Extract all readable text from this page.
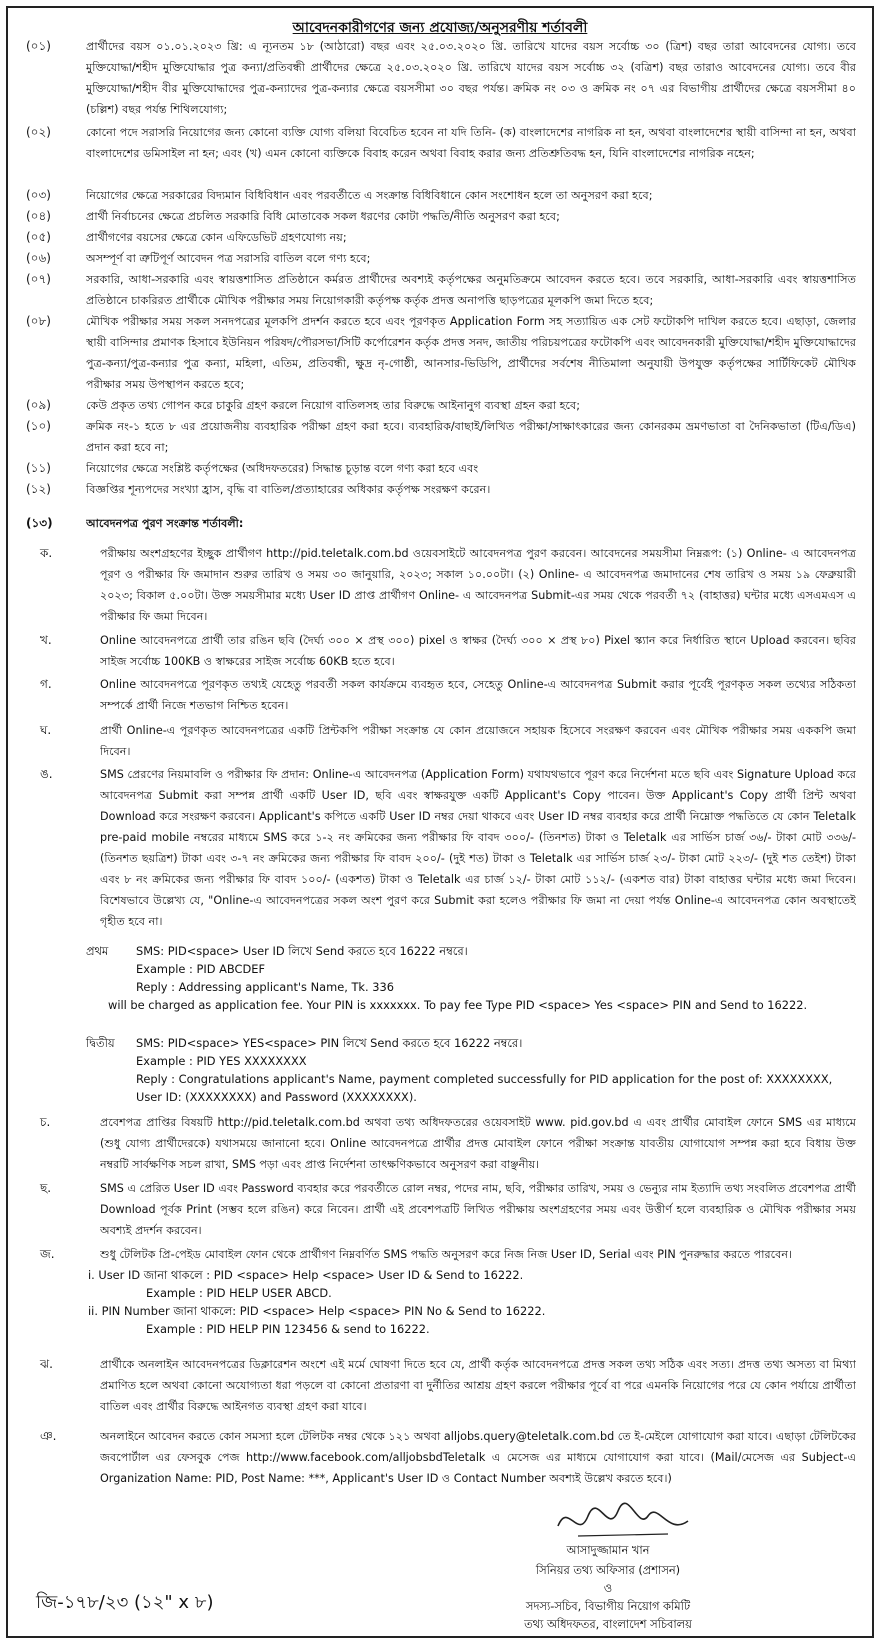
আবেদনকারীগণের জন্য প্রযোজ্য/অনুসরণীয় শর্তাবলী
(০১)	প্রার্থীদের বয়স ০১.০১.২০২৩ খ্রি: এ ন্যূনতম ১৮ (আঠারো) বছর এবং ২৫.০৩.২০২০ খ্রি. তারিখে যাদের বয়স সর্বোচ্চ ৩০ (ত্রিশ) বছর তারা আবেদনের যোগ্য। তবে মুক্তিযোদ্ধা/শহীদ মুক্তিযোদ্ধার পুত্র কন্যা/প্রতিবন্ধী প্রার্থীদের ক্ষেত্রে ২৫.০৩.২০২০ খ্রি. তারিখে যাদের বয়স সর্বোচ্চ ৩২ (বত্রিশ) বছর তারাও আবেদনের যোগ্য। তবে বীর মুক্তিযোদ্ধা/শহীদ বীর মুক্তিযোদ্ধাদের পুত্র-কন্যাদের পুত্র-কন্যার ক্ষেত্রে বয়সসীমা ৩০ বছর পর্যন্ত। ক্রমিক নং ০৩ ও ক্রমিক নং ০৭ এর বিভাগীয় প্রার্থীদের ক্ষেত্রে বয়সসীমা ৪০ (চল্লিশ) বছর পর্যন্ত শিথিলযোগ্য;

(০২)	কোনো পদে সরাসরি নিয়োগের জন্য কোনো ব্যক্তি যোগ্য বলিয়া বিবেচিত হবেন না যদি তিনি- (ক) বাংলাদেশের নাগরিক না হন, অথবা বাংলাদেশের স্থায়ী বাসিন্দা না হন, অথবা বাংলাদেশের ডমিসাইল না হন; এবং (খ) এমন কোনো ব্যক্তিকে বিবাহ করেন অথবা বিবাহ করার জন্য প্রতিশ্রুতিবদ্ধ হন, যিনি বাংলাদেশের নাগরিক নহেন;

(০৩)	নিয়োগের ক্ষেত্রে সরকারের বিদ্যমান বিধিবিধান এবং পরবর্তীতে এ সংক্রান্ত বিধিবিধানে কোন সংশোধন হলে তা অনুসরণ করা হবে;

(০৪)	প্রার্থী নির্বাচনের ক্ষেত্রে প্রচলিত সরকারি বিধি মোতাবেক সকল ধরণের কোটা পদ্ধতি/নীতি অনুসরণ করা হবে;

(০৫)	প্রার্থীগণের বয়সের ক্ষেত্রে কোন এফিডেভিট গ্রহণযোগ্য নয়;

(০৬)	অসম্পূর্ণ বা ত্রুটিপূর্ণ আবেদন পত্র সরাসরি বাতিল বলে গণ্য হবে;

(০৭)	সরকারি, আধা-সরকারি এবং স্বায়ত্তশাসিত প্রতিষ্ঠানে কর্মরত প্রার্থীদের অবশ্যই কর্তৃপক্ষের অনুমতিক্রমে আবেদন করতে হবে। তবে সরকারি, আধা-সরকারি এবং স্বায়ত্তশাসিত প্রতিষ্ঠানে চাকরিরত প্রার্থীকে মৌখিক পরীক্ষার সময় নিয়োগকারী কর্তৃপক্ষ কর্তৃক প্রদত্ত অনাপত্তি ছাড়পত্রের মূলকপি জমা দিতে হবে;

(০৮)	মৌখিক পরীক্ষার সময় সকল সনদপত্রের মূলকপি প্রদর্শন করতে হবে এবং পূরণকৃত Application Form সহ সত্যায়িত এক সেট ফটোকপি দাখিল করতে হবে। এছাড়া, জেলার স্থায়ী বাসিন্দার প্রমাণক হিসাবে ইউনিয়ন পরিষদ/পৌরসভা/সিটি কর্পোরেশন কর্তৃক প্রদত্ত সনদ, জাতীয় পরিচয়পত্রের ফটোকপি এবং আবেদনকারী মুক্তিযোদ্ধা/শহীদ মুক্তিযোদ্ধাদের পুত্র-কন্যা/পুত্র-কন্যার পুত্র কন্যা, মহিলা, এতিম, প্রতিবন্ধী, ক্ষুদ্র নৃ-গোষ্ঠী, আনসার-ভিডিপি, প্রার্থীদের সর্বশেষ নীতিমালা অনুযায়ী উপযুক্ত কর্তৃপক্ষের সার্টিফিকেট মৌখিক পরীক্ষার সময় উপস্থাপন করতে হবে;

(০৯)	কেউ প্রকৃত তথ্য গোপন করে চাকুরি গ্রহণ করলে নিয়োগ বাতিলসহ তার বিরুদ্ধে আইনানুগ ব্যবস্থা গ্রহন করা হবে;

(১০)	ক্রমিক নং-১ হতে ৮ এর প্রয়োজনীয় ব্যবহারিক পরীক্ষা গ্রহণ করা হবে। ব্যবহারিক/বাছাই/লিখিত পরীক্ষা/সাক্ষাৎকারের জন্য কোনরকম ভ্রমণভাতা বা দৈনিকভাতা (টিএ/ডিএ) প্রদান করা হবে না;

(১১)	নিয়োগের ক্ষেত্রে সংশ্লিষ্ট কর্তৃপক্ষের (অধিদফতরের) সিদ্ধান্ত চূড়ান্ত বলে গণ্য করা হবে এবং

(১২)	বিজ্ঞপ্তির শূন্যপদের সংখ্যা হ্রাস, বৃদ্ধি বা বাতিল/প্রত্যাহারের অধিকার কর্তৃপক্ষ সংরক্ষণ করেন।

(১৩)	আবেদনপত্র পুরণ সংক্রান্ত শর্তাবলী:

ক.	পরীক্ষায় অংশগ্রহণের ইচ্ছুক প্রার্থীগণ http://pid.teletalk.com.bd ওয়েবসাইটে আবেদনপত্র পুরণ করবেন। আবেদনের সময়সীমা নিম্নরূপ: (১) Online- এ আবেদনপত্র পূরণ ও পরীক্ষার ফি জমাদান শুরুর তারিখ ও সময় ৩০ জানুয়ারি, ২০২৩; সকাল ১০.০০টা। (২) Online- এ আবেদনপত্র জমাদানের শেষ তারিখ ও সময় ১৯ ফেব্রুয়ারী ২০২৩; বিকাল ৫.০০টা। উক্ত সময়সীমার মধ্যে User ID প্রাপ্ত প্রার্থীগণ Online- এ আবেদনপত্র Submit-এর সময় থেকে পরবর্তী ৭২ (বাহাত্তর) ঘন্টার মধ্যে এসএমএস এ পরীক্ষার ফি জমা দিবেন।

খ.	Online আবেদনপত্রে প্রার্থী তার রঙিন ছবি (দৈর্ঘ্য ৩০০ × প্রস্থ ৩০০) pixel ও স্বাক্ষর (দৈর্ঘ্য ৩০০ × প্রস্থ ৮০) Pixel স্ক্যান করে নির্ধারিত স্থানে Upload করবেন। ছবির সাইজ সর্বোচ্চ 100KB ও স্বাক্ষরের সাইজ সর্বোচ্চ 60KB হতে হবে।

গ.	Online আবেদনপত্রে পূরণকৃত তথ্যই যেহেতু পরবর্তী সকল কার্যক্রমে ব্যবহৃত হবে, সেহেতু Online-এ আবেদনপত্র Submit করার পূর্বেই পূরণকৃত সকল তথ্যের সঠিকতা সম্পর্কে প্রার্থী নিজে শতভাগ নিশ্চিত হবেন।

ঘ.	প্রার্থী Online-এ পূরণকৃত আবেদনপত্রের একটি প্রিন্টকপি পরীক্ষা সংক্রান্ত যে কোন প্রয়োজনে সহায়ক হিসেবে সংরক্ষণ করবেন এবং মৌখিক পরীক্ষার সময় এককপি জমা দিবেন।

ঙ.	SMS প্রেরণের নিয়মাবলি ও পরীক্ষার ফি প্রদান: Online-এ আবেদনপত্র (Application Form) যথাযথভাবে পূরণ করে নির্দেশনা মতে ছবি এবং Signature Upload করে আবেদনপত্র Submit করা সম্পন্ন প্রার্থী একটি User ID, ছবি এবং স্বাক্ষরযুক্ত একটি Applicant's Copy পাবেন। উক্ত Applicant's Copy প্রার্থী প্রিন্ট অথবা Download করে সংরক্ষণ করবেন। Applicant's কপিতে একটি User ID নম্বর দেয়া থাকবে এবং User ID নম্বর ব্যবহার করে প্রার্থী নিম্নোক্ত পদ্ধতিতে যে কোন Teletalk pre-paid mobile নম্বরের মাধ্যমে SMS করে ১-২ নং ক্রমিকের জন্য পরীক্ষার ফি বাবদ ৩০০/- (তিনশত) টাকা ও Teletalk এর সার্ভিস চার্জ ৩৬/- টাকা মোট ৩৩৬/- (তিনশত ছয়ত্রিশ) টাকা এবং ৩-৭ নং ক্রমিকের জন্য পরীক্ষার ফি বাবদ ২০০/- (দুই শত) টাকা ও Teletalk এর সার্ভিস চার্জ ২৩/- টাকা মোট ২২৩/- (দুই শত তেইশ) টাকা এবং ৮ নং ক্রমিকের জন্য পরীক্ষার ফি বাবদ ১০০/- (একশত) টাকা ও Teletalk এর চার্জ ১২/- টাকা মোট ১১২/- (একশত বার) টাকা বাহাত্তর ঘন্টার মধ্যে জমা দিবেন। বিশেষভাবে উল্লেখ্য যে, "Online-এ আবেদনপত্রের সকল অংশ পুরণ করে Submit করা হলেও পরীক্ষার ফি জমা না দেয়া পর্যন্ত Online-এ আবেদনপত্র কোন অবস্থাতেই গৃহীত হবে না।

প্রথম SMS: PID<space> User ID লিখে Send করতে হবে 16222 নম্বরে।

Example : PID ABCDEF

Reply : Addressing applicant's Name, Tk. 336

will be charged as application fee. Your PIN is xxxxxxx. To pay fee Type PID <space> Yes <space> PIN and Send to 16222.

দ্বিতীয় SMS: PID<space> YES<space> PIN লিখে Send করতে হবে 16222 নম্বরে।

Example : PID YES XXXXXXXX

Reply : Congratulations applicant's Name, payment completed successfully for PID application for the post of: XXXXXXXX, User ID: (XXXXXXXX) and Password (XXXXXXXX).

চ.	প্রবেশপত্র প্রাপ্তির বিষয়টি http://pid.teletalk.com.bd অথবা তথ্য অধিদফতরের ওয়েবসাইট www. pid.gov.bd এ এবং প্রার্থীর মোবাইল ফোনে SMS এর মাধ্যমে (শুধু যোগ্য প্রার্থীদেরকে) যথাসময়ে জানানো হবে। Online আবেদনপত্রে প্রার্থীর প্রদত্ত মোবাইল ফোনে পরীক্ষা সংক্রান্ত যাবতীয় যোগাযোগ সম্পন্ন করা হবে বিধায় উক্ত নম্বরটি সার্বক্ষণিক সচল রাখা, SMS পড়া এবং প্রাপ্ত নির্দেশনা তাৎক্ষণিকভাবে অনুসরণ করা বাঞ্ছনীয়।

ছ.	SMS এ প্রেরিত User ID এবং Password ব্যবহার করে পরবর্তীতে রোল নম্বর, পদের নাম, ছবি, পরীক্ষার তারিখ, সময় ও ভেন্যুর নাম ইত্যাদি তথ্য সংবলিত প্রবেশপত্র প্রার্থী Download পূর্বক Print (সম্ভব হলে রঙিন) করে নিবেন। প্রার্থী এই প্রবেশপত্রটি লিখিত পরীক্ষায় অংশগ্রহণের সময় এবং উত্তীর্ণ হলে ব্যবহারিক ও মৌখিক পরীক্ষার সময় অবশ্যই প্রদর্শন করবেন।

জ.	শুধু টেলিটক প্রি-পেইড মোবাইল ফোন থেকে প্রার্থীগণ নিম্নবর্ণিত SMS পদ্ধতি অনুসরণ করে নিজ নিজ User ID, Serial এবং PIN পুনরুদ্ধার করতে পারবেন।

i. User ID জানা থাকলে : PID <space> Help <space> User ID & Send to 16222.

Example : PID HELP USER ABCD.

ii. PIN Number জানা থাকলে: PID <space> Help <space> PIN No & Send to 16222.

Example : PID HELP PIN 123456 & send to 16222.

ঝ.	প্রার্থীকে অনলাইন আবেদনপত্রের ডিক্লারেশন অংশে এই মর্মে ঘোষণা দিতে হবে যে, প্রার্থী কর্তৃক আবেদনপত্রে প্রদত্ত সকল তথ্য সঠিক এবং সত্য। প্রদত্ত তথ্য অসত্য বা মিথ্যা প্রমাণিত হলে অথবা কোনো অযোগ্যতা ধরা পড়লে বা কোনো প্রতারণা বা দুর্নীতির আশ্রয় গ্রহণ করলে পরীক্ষার পূর্বে বা পরে এমনকি নিয়োগের পরে যে কোন পর্যায়ে প্রার্থীতা বাতিল এবং প্রার্থীর বিরুদ্ধে আইনগত ব্যবস্থা গ্রহণ করা যাবে।

ঞ.	অনলাইনে আবেদন করতে কোন সমস্যা হলে টেলিটক নম্বর থেকে ১২১ অথবা alljobs.query@teletalk.com.bd তে ই-মেইলে যোগাযোগ করা যাবে। এছাড়া টেলিটকের জবপোর্টাল এর ফেসবুক পেজ http://www.facebook.com/alljobsbdTeletalk এ মেসেজ এর মাধ্যমে যোগাযোগ করা যাবে। (Mail/মেসেজ এর Subject-এ Organization Name: PID, Post Name: ***, Applicant's User ID ও Contact Number অবশ্যই উল্লেখ করতে হবে।)

আসাদুজ্জামান খান
সিনিয়র তথ্য অফিসার (প্রশাসন)
ও
সদস্য-সচিব, বিভাগীয় নিয়োগ কমিটি
তথ্য অধিদফতর, বাংলাদেশ সচিবালয়
জি-১৭৮/২৩ (১২" x ৮)
